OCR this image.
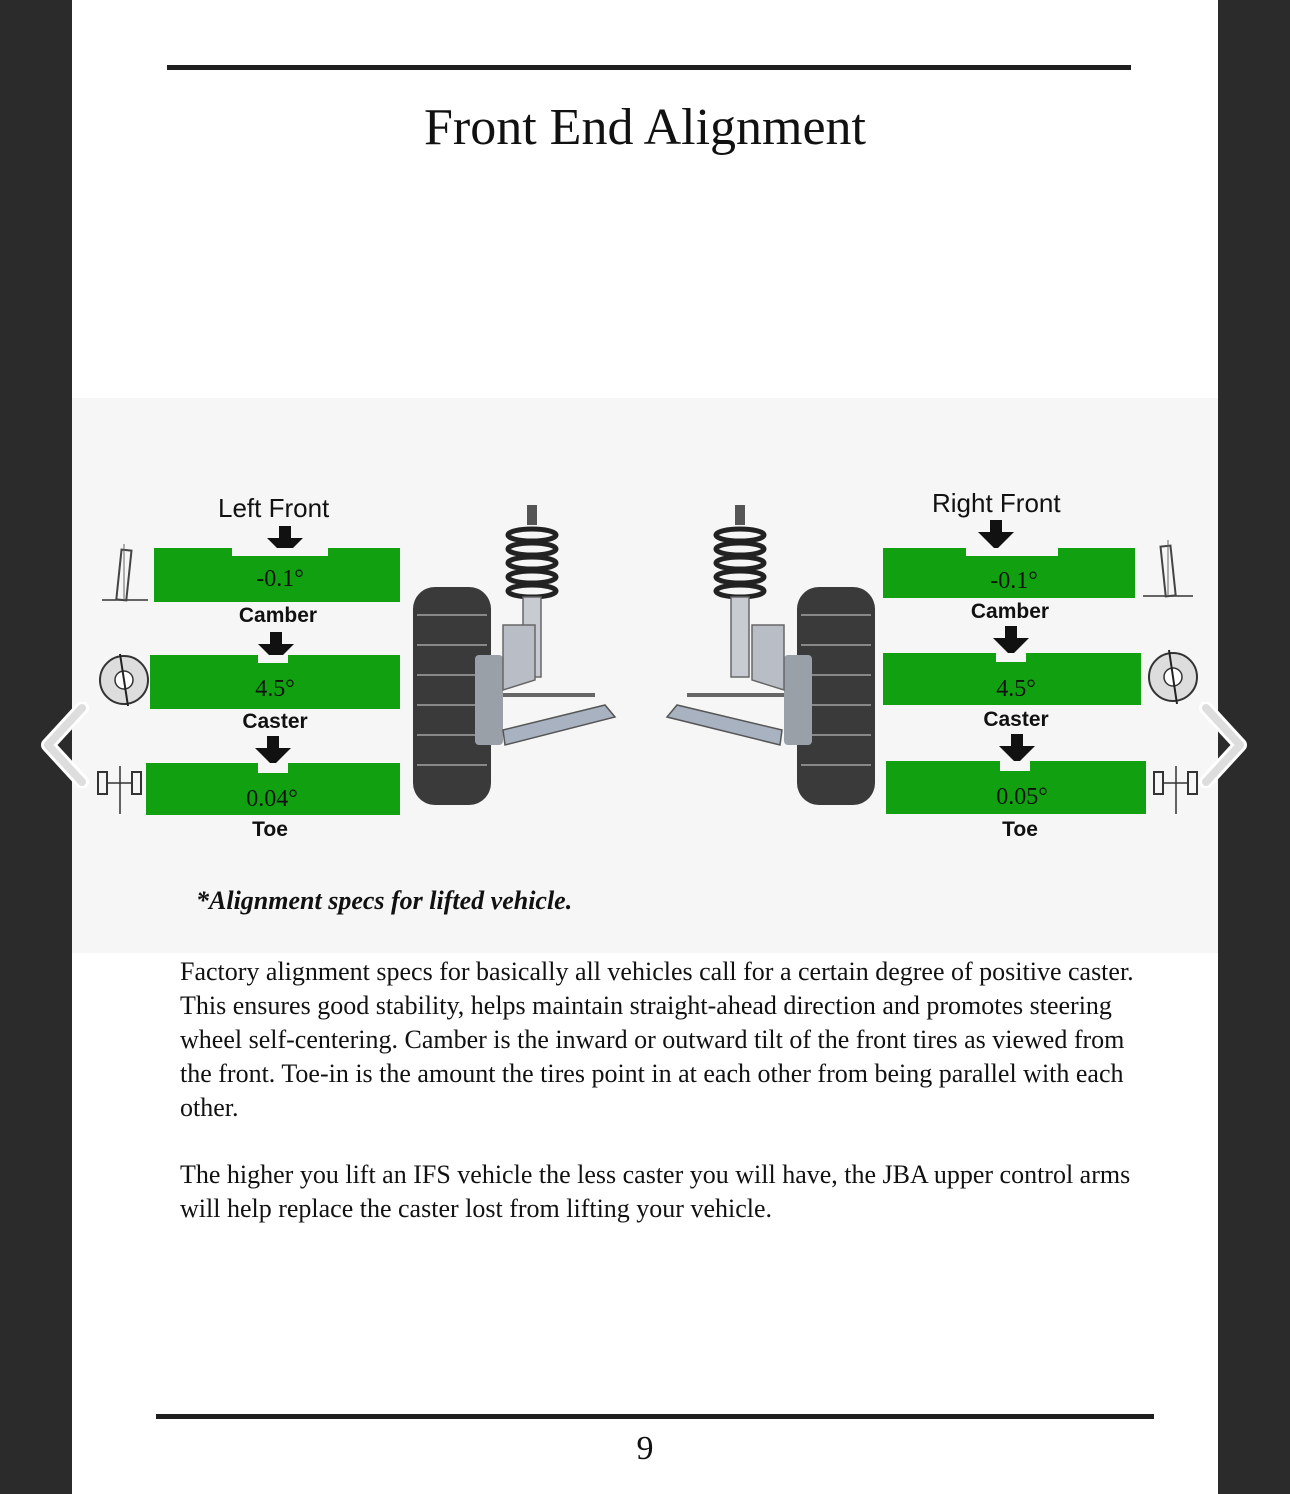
Front End Alignment
Left Front
-0.1°
Camber
4.5°
Caster
0.04°
Toe
Right Front
-0.1°
Camber
4.5°
Caster
0.05°
Toe
*Alignment specs for lifted vehicle.

Factory alignment specs for basically all vehicles call for a certain degree of positive caster. This ensures good stability, helps maintain straight-ahead direction and promotes steering wheel self-centering. Camber is the inward or outward tilt of the front tires as viewed from the front. Toe-in is the amount the tires point in at each other from being parallel with each other.

The higher you lift an IFS vehicle the less caster you will have, the JBA upper control arms will help replace the caster lost from lifting your vehicle.

9
